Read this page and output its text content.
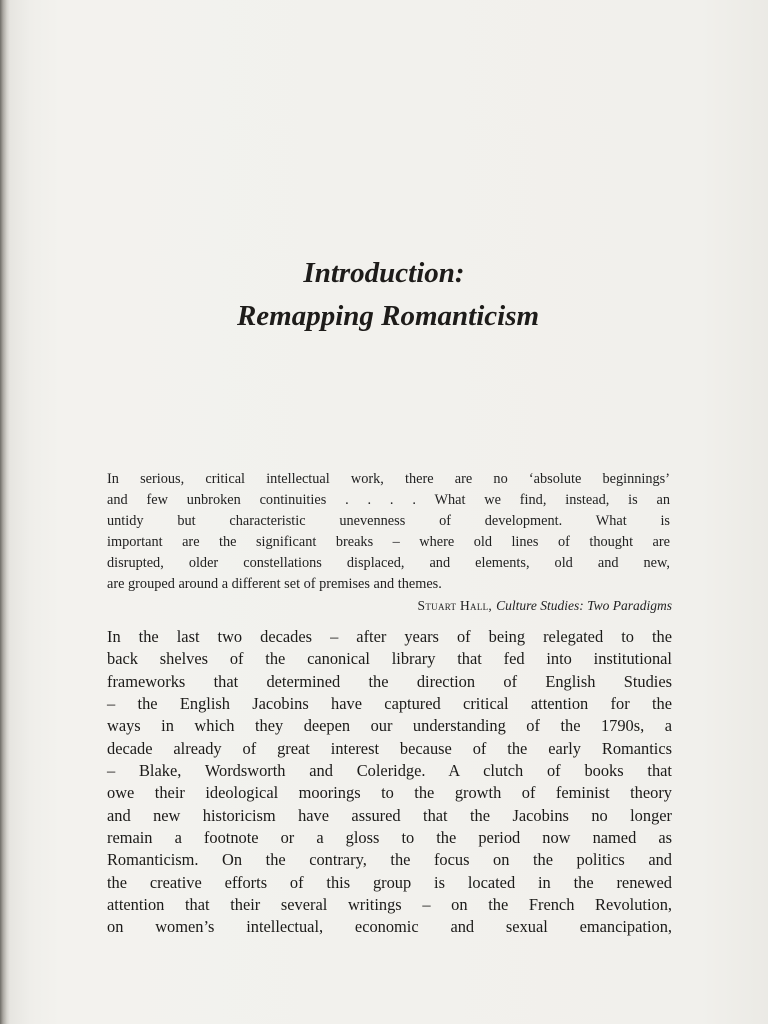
Introduction:
Remapping Romanticism
In serious, critical intellectual work, there are no ‘absolute beginnings’
and few unbroken continuities . . . . What we find, instead, is an
untidy but characteristic unevenness of development. What is
important are the significant breaks – where old lines of thought are
disrupted, older constellations displaced, and elements, old and new,
are grouped around a different set of premises and themes.
Stuart Hall, Culture Studies: Two Paradigms
In the last two decades – after years of being relegated to the
back shelves of the canonical library that fed into institutional
frameworks that determined the direction of English Studies
– the English Jacobins have captured critical attention for the
ways in which they deepen our understanding of the 1790s, a
decade already of great interest because of the early Romantics
– Blake, Wordsworth and Coleridge. A clutch of books that
owe their ideological moorings to the growth of feminist theory
and new historicism have assured that the Jacobins no longer
remain a footnote or a gloss to the period now named as
Romanticism. On the contrary, the focus on the politics and
the creative efforts of this group is located in the renewed
attention that their several writings – on the French Revolution,
on women’s intellectual, economic and sexual emancipation,
